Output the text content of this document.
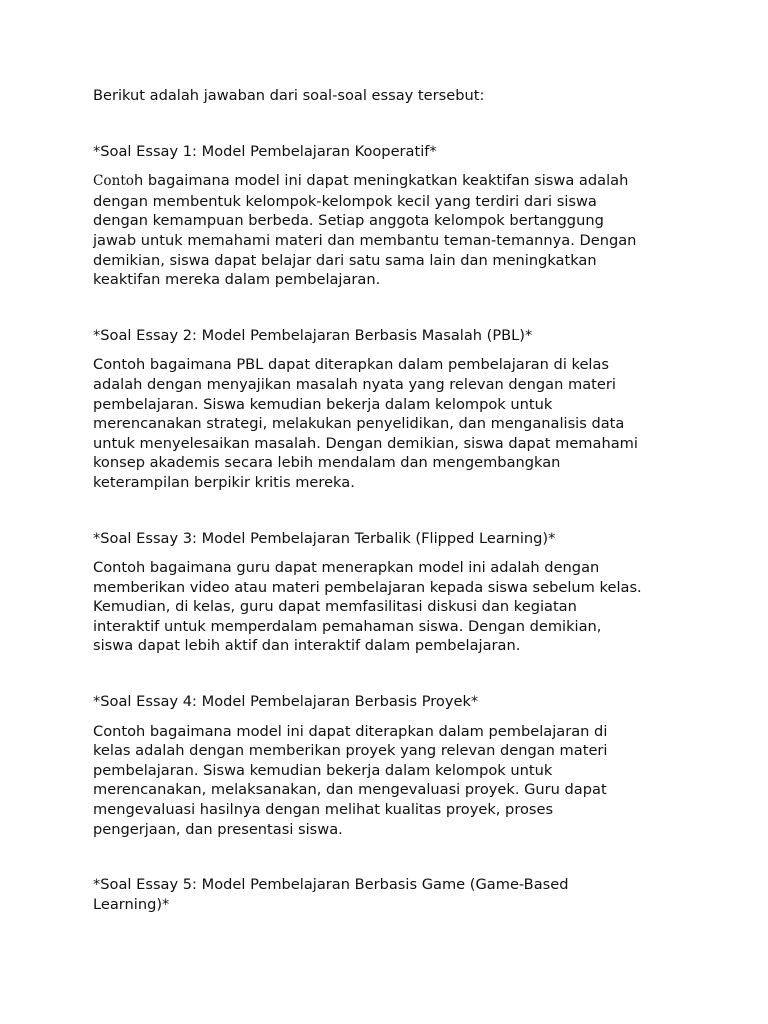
Berikut adalah jawaban dari soal-soal essay tersebut:

*Soal Essay 1: Model Pembelajaran Kooperatif*

Contoh bagaimana model ini dapat meningkatkan keaktifan siswa adalah

dengan membentuk kelompok-kelompok kecil yang terdiri dari siswa

dengan kemampuan berbeda. Setiap anggota kelompok bertanggung

jawab untuk memahami materi dan membantu teman-temannya. Dengan

demikian, siswa dapat belajar dari satu sama lain dan meningkatkan

keaktifan mereka dalam pembelajaran.

*Soal Essay 2: Model Pembelajaran Berbasis Masalah (PBL)*

Contoh bagaimana PBL dapat diterapkan dalam pembelajaran di kelas

adalah dengan menyajikan masalah nyata yang relevan dengan materi

pembelajaran. Siswa kemudian bekerja dalam kelompok untuk

merencanakan strategi, melakukan penyelidikan, dan menganalisis data

untuk menyelesaikan masalah. Dengan demikian, siswa dapat memahami

konsep akademis secara lebih mendalam dan mengembangkan

keterampilan berpikir kritis mereka.

*Soal Essay 3: Model Pembelajaran Terbalik (Flipped Learning)*

Contoh bagaimana guru dapat menerapkan model ini adalah dengan

memberikan video atau materi pembelajaran kepada siswa sebelum kelas.

Kemudian, di kelas, guru dapat memfasilitasi diskusi dan kegiatan

interaktif untuk memperdalam pemahaman siswa. Dengan demikian,

siswa dapat lebih aktif dan interaktif dalam pembelajaran.

*Soal Essay 4: Model Pembelajaran Berbasis Proyek*

Contoh bagaimana model ini dapat diterapkan dalam pembelajaran di

kelas adalah dengan memberikan proyek yang relevan dengan materi

pembelajaran. Siswa kemudian bekerja dalam kelompok untuk

merencanakan, melaksanakan, dan mengevaluasi proyek. Guru dapat

mengevaluasi hasilnya dengan melihat kualitas proyek, proses

pengerjaan, dan presentasi siswa.

*Soal Essay 5: Model Pembelajaran Berbasis Game (Game-Based

Learning)*
